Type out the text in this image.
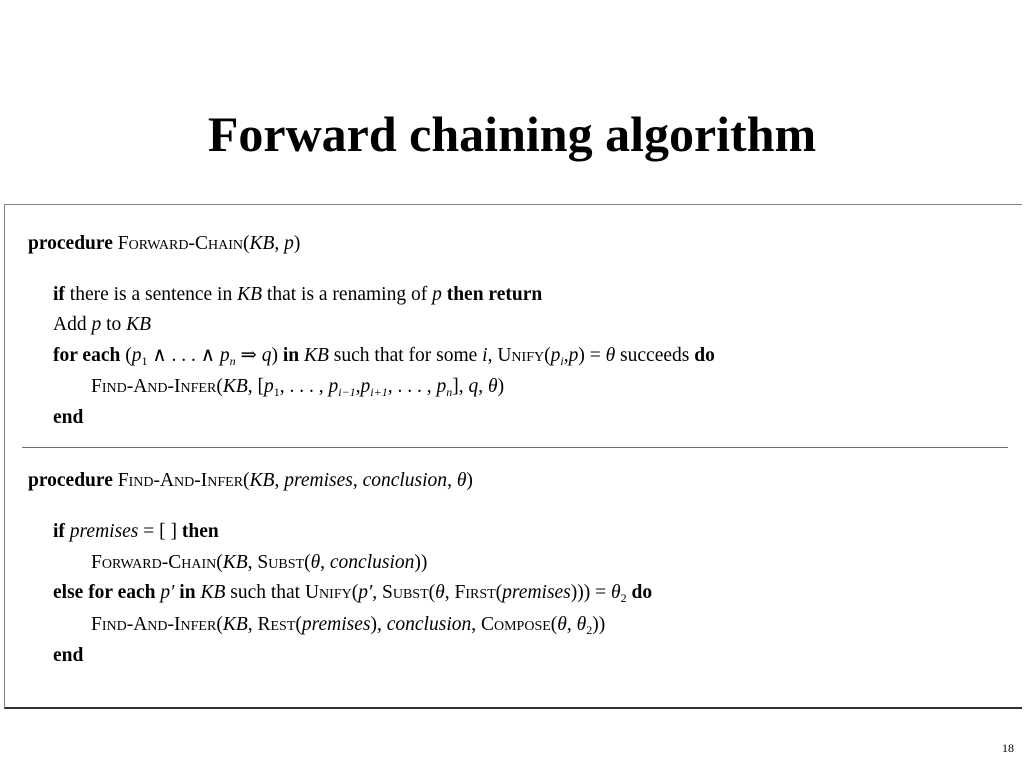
Forward chaining algorithm
procedure Forward-Chain(KB, p)
if there is a sentence in KB that is a renaming of p then return
Add p to KB
for each ($p_1$ ∧ . . . ∧ $p_n$ ⇒ q) in KB such that for some i, $Unify(p_i,p) = \theta$ succeeds do
Find-And-Infer(KB, [$p_1$, . . . , $p_{i-1},p_{i+1}$, . . . , $p_n$], q, θ)
end
procedure Find-And-Infer(KB, premises, conclusion, θ)
if premises = [ ] then
Forward-Chain(KB, Subst(θ, conclusion))
else for each p′ in KB such that Unify(p′, Subst(θ, First(premises))) = $\theta_2$ do
Find-And-Infer(KB, Rest(premises), conclusion, Compose(θ, $\theta_2$))
end
18
